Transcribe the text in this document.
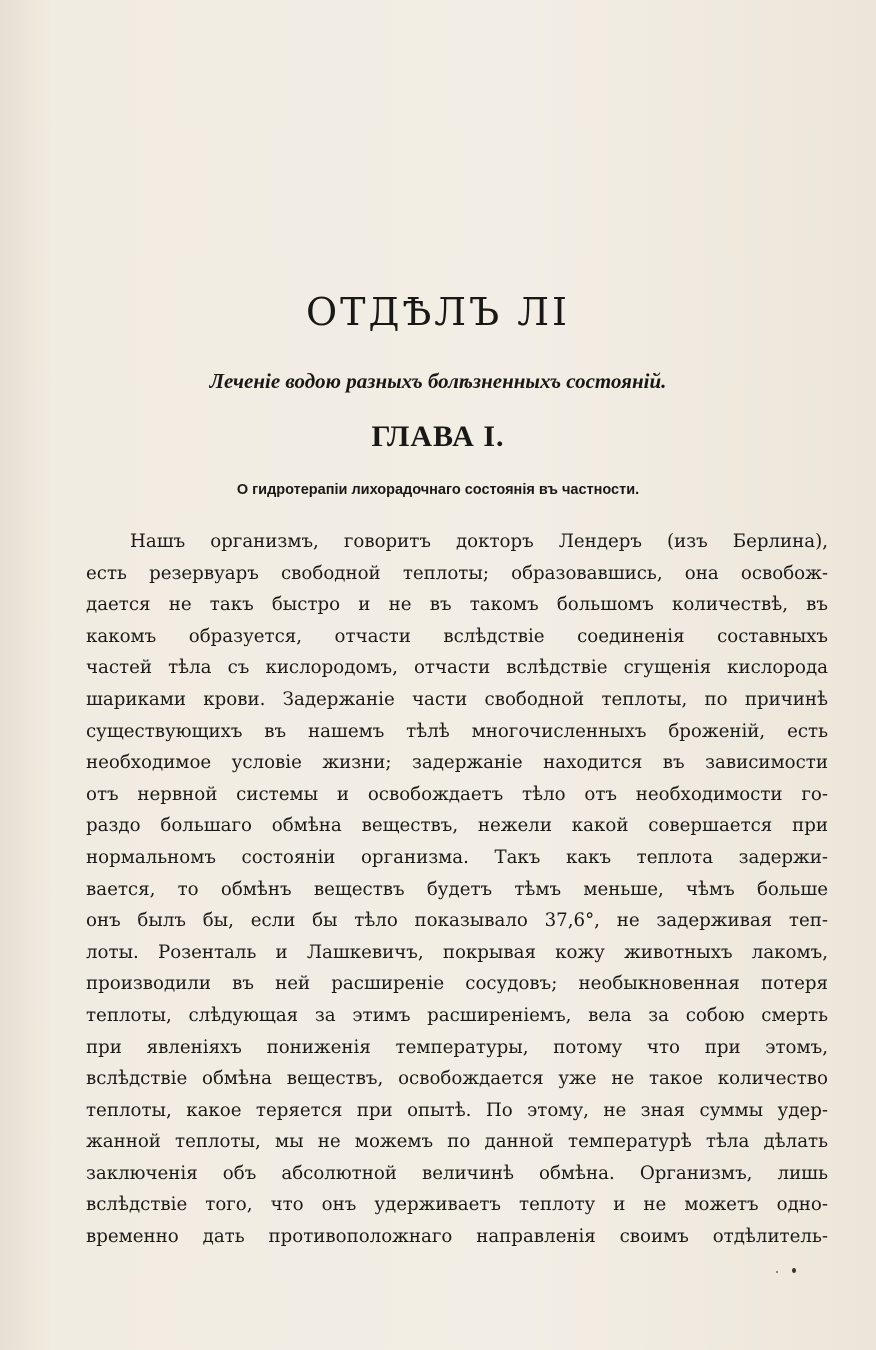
ОТДѢЛЪ ЛІ
Леченіе водою разныхъ болѣзненныхъ состояній.
ГЛАВА I.
О гидротерапіи лихорадочнаго состоянія въ частности.
Нашъ организмъ, говоритъ докторъ Лендеръ (изъ Берлина),
есть резервуаръ свободной теплоты; образовавшись, она освобож-
дается не такъ быстро и не въ такомъ большомъ количествѣ, въ
какомъ образуется, отчасти вслѣдствіе соединенія составныхъ
частей тѣла съ кислородомъ, отчасти вслѣдствіе сгущенія кислорода
шариками крови. Задержаніе части свободной теплоты, по причинѣ
существующихъ въ нашемъ тѣлѣ многочисленныхъ броженій, есть
необходимое условіе жизни; задержаніе находится въ зависимости
отъ нервной системы и освобождаетъ тѣло отъ необходимости го-
раздо большаго обмѣна веществъ, нежели какой совершается при
нормальномъ состояніи организма. Такъ какъ теплота задержи-
вается, то обмѣнъ веществъ будетъ тѣмъ меньше, чѣмъ больше
онъ былъ бы, если бы тѣло показывало 37,6°, не задерживая теп-
лоты. Розенталь и Лашкевичъ, покрывая кожу животныхъ лакомъ,
производили въ ней расширеніе сосудовъ; необыкновенная потеря
теплоты, слѣдующая за этимъ расширеніемъ, вела за собою смерть
при явленіяхъ пониженія температуры, потому что при этомъ,
вслѣдствіе обмѣна веществъ, освобождается уже не такое количество
теплоты, какое теряется при опытѣ. По этому, не зная суммы удер-
жанной теплоты, мы не можемъ по данной температурѣ тѣла дѣлать
заключенія объ абсолютной величинѣ обмѣна. Организмъ, лишь
вслѣдствіе того, что онъ удерживаетъ теплоту и не можетъ одно-
временно дать противоположнаго направленія своимъ отдѣлитель-
